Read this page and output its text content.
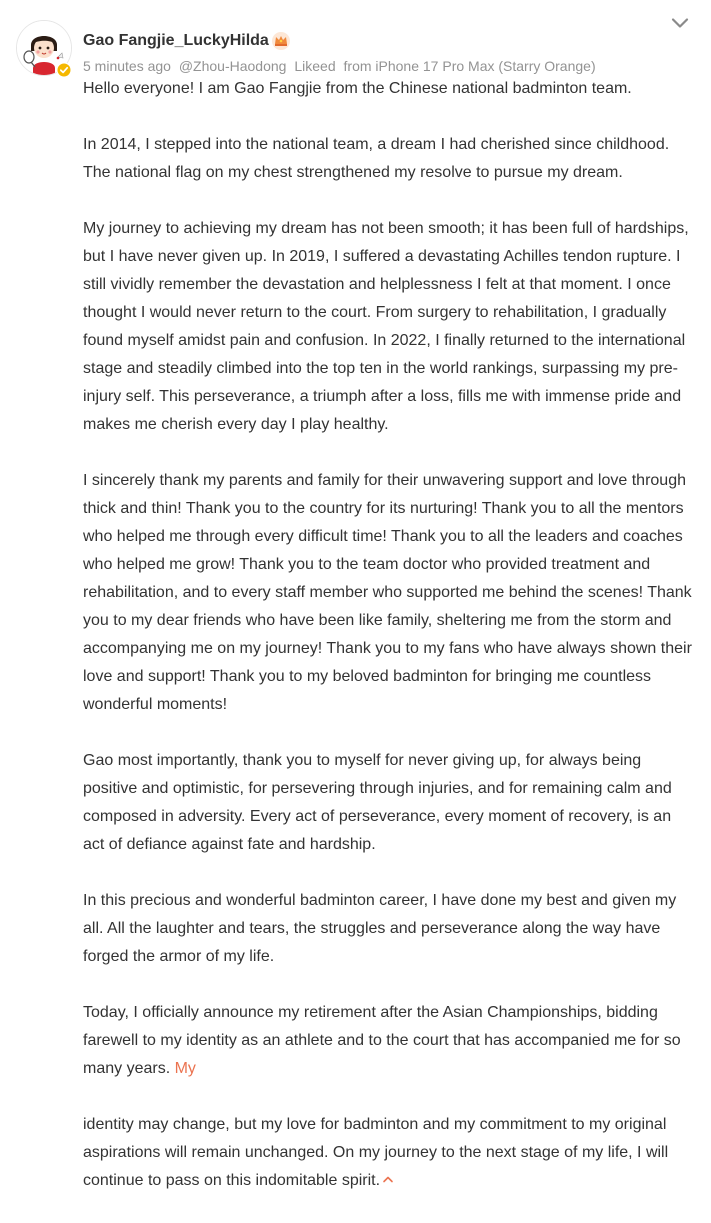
Gao Fangjie_LuckyHilda
5 minutes ago @Zhou-Haodong Likeed from iPhone 17 Pro Max (Starry Orange)

Hello everyone! I am Gao Fangjie from the Chinese national badminton team.

In 2014, I stepped into the national team, a dream I had cherished since childhood. The national flag on my chest strengthened my resolve to pursue my dream.

My journey to achieving my dream has not been smooth; it has been full of hardships, but I have never given up. In 2019, I suffered a devastating Achilles tendon rupture. I still vividly remember the devastation and helplessness I felt at that moment. I once thought I would never return to the court. From surgery to rehabilitation, I gradually found myself amidst pain and confusion. In 2022, I finally returned to the international stage and steadily climbed into the top ten in the world rankings, surpassing my pre-injury self. This perseverance, a triumph after a loss, fills me with immense pride and makes me cherish every day I play healthy.

I sincerely thank my parents and family for their unwavering support and love through thick and thin! Thank you to the country for its nurturing! Thank you to all the mentors who helped me through every difficult time! Thank you to all the leaders and coaches who helped me grow! Thank you to the team doctor who provided treatment and rehabilitation, and to every staff member who supported me behind the scenes! Thank you to my dear friends who have been like family, sheltering me from the storm and accompanying me on my journey! Thank you to my fans who have always shown their love and support! Thank you to my beloved badminton for bringing me countless wonderful moments!

Gao most importantly, thank you to myself for never giving up, for always being positive and optimistic, for persevering through injuries, and for remaining calm and composed in adversity. Every act of perseverance, every moment of recovery, is an act of defiance against fate and hardship.

In this precious and wonderful badminton career, I have done my best and given my all. All the laughter and tears, the struggles and perseverance along the way have forged the armor of my life.

Today, I officially announce my retirement after the Asian Championships, bidding farewell to my identity as an athlete and to the court that has accompanied me for so many years. My

identity may change, but my love for badminton and my commitment to my original aspirations will remain unchanged. On my journey to the next stage of my life, I will continue to pass on this indomitable spirit.
